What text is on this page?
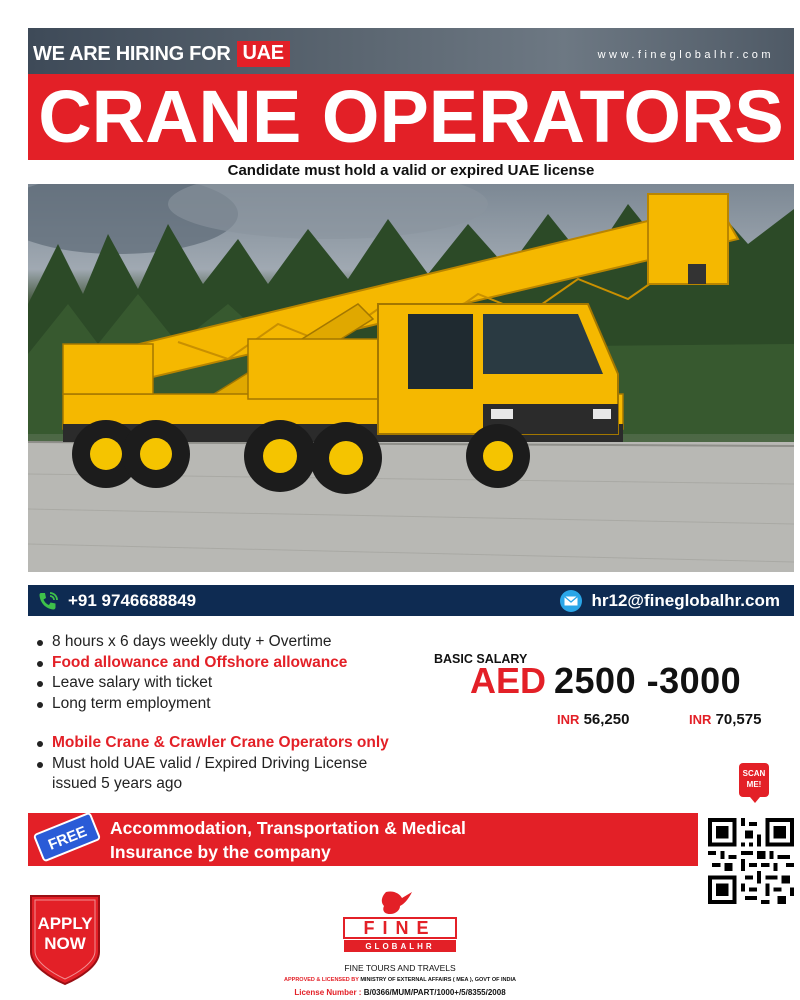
WE ARE HIRING FOR UAE	www.fineglobalhr.com
CRANE OPERATORS
Candidate must hold a valid or expired UAE license
+91 9746688849	hr12@fineglobalhr.com
8 hours x 6 days weekly duty + Overtime
Food allowance and Offshore allowance
Leave salary with ticket
Long term employment
Mobile Crane & Crawler Crane Operators only
Must hold UAE valid / Expired Driving License issued 5 years ago
BASIC SALARY
AED 2500 -3000
INR 56,250	INR 70,575
Accommodation, Transportation & Medical
Insurance by the company
FREE
SCAN
ME!
APPLY
NOW
FINE
GLOBALHR
FINE TOURS AND TRAVELS
APPROVED & LICENSED BY MINISTRY OF EXTERNAL AFFAIRS ( MEA ), GOVT OF INDIA
License Number : B/0366/MUM/PART/1000+/5/8355/2008
